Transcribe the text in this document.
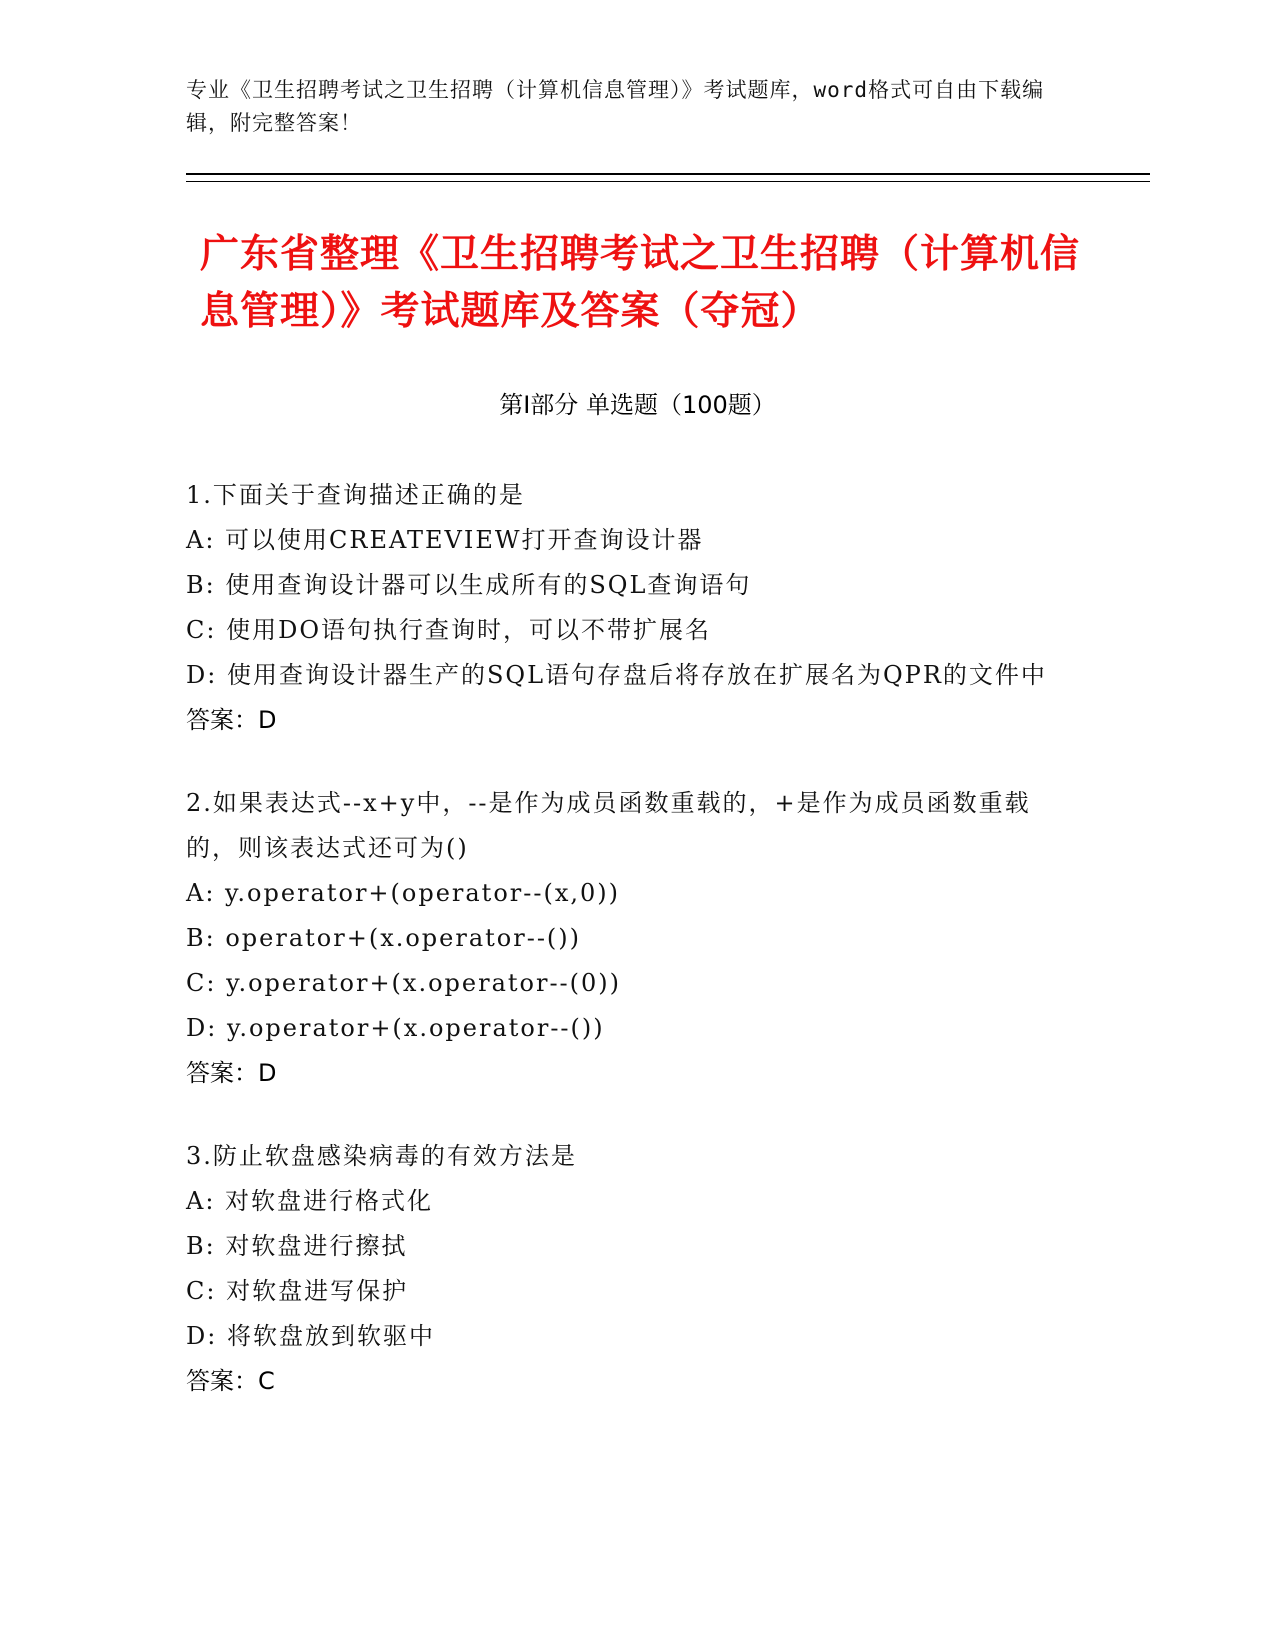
专业《卫生招聘考试之卫生招聘（计算机信息管理）》考试题库，word格式可自由下载编辑，附完整答案！
广东省整理《卫生招聘考试之卫生招聘（计算机信息管理）》考试题库及答案（夺冠）
第I部分 单选题（100题）
1.下面关于查询描述正确的是
A: 可以使用CREATEVIEW打开查询设计器
B: 使用查询设计器可以生成所有的SQL查询语句
C: 使用DO语句执行查询时，可以不带扩展名
D: 使用查询设计器生产的SQL语句存盘后将存放在扩展名为QPR的文件中
答案：D
2.如果表达式--x+y中，--是作为成员函数重载的，+是作为成员函数重载的，则该表达式还可为()
A: y.operator+(operator--(x,0))
B: operator+(x.operator--())
C: y.operator+(x.operator--(0))
D: y.operator+(x.operator--())
答案：D
3.防止软盘感染病毒的有效方法是
A: 对软盘进行格式化
B: 对软盘进行擦拭
C: 对软盘进写保护
D: 将软盘放到软驱中
答案：C
